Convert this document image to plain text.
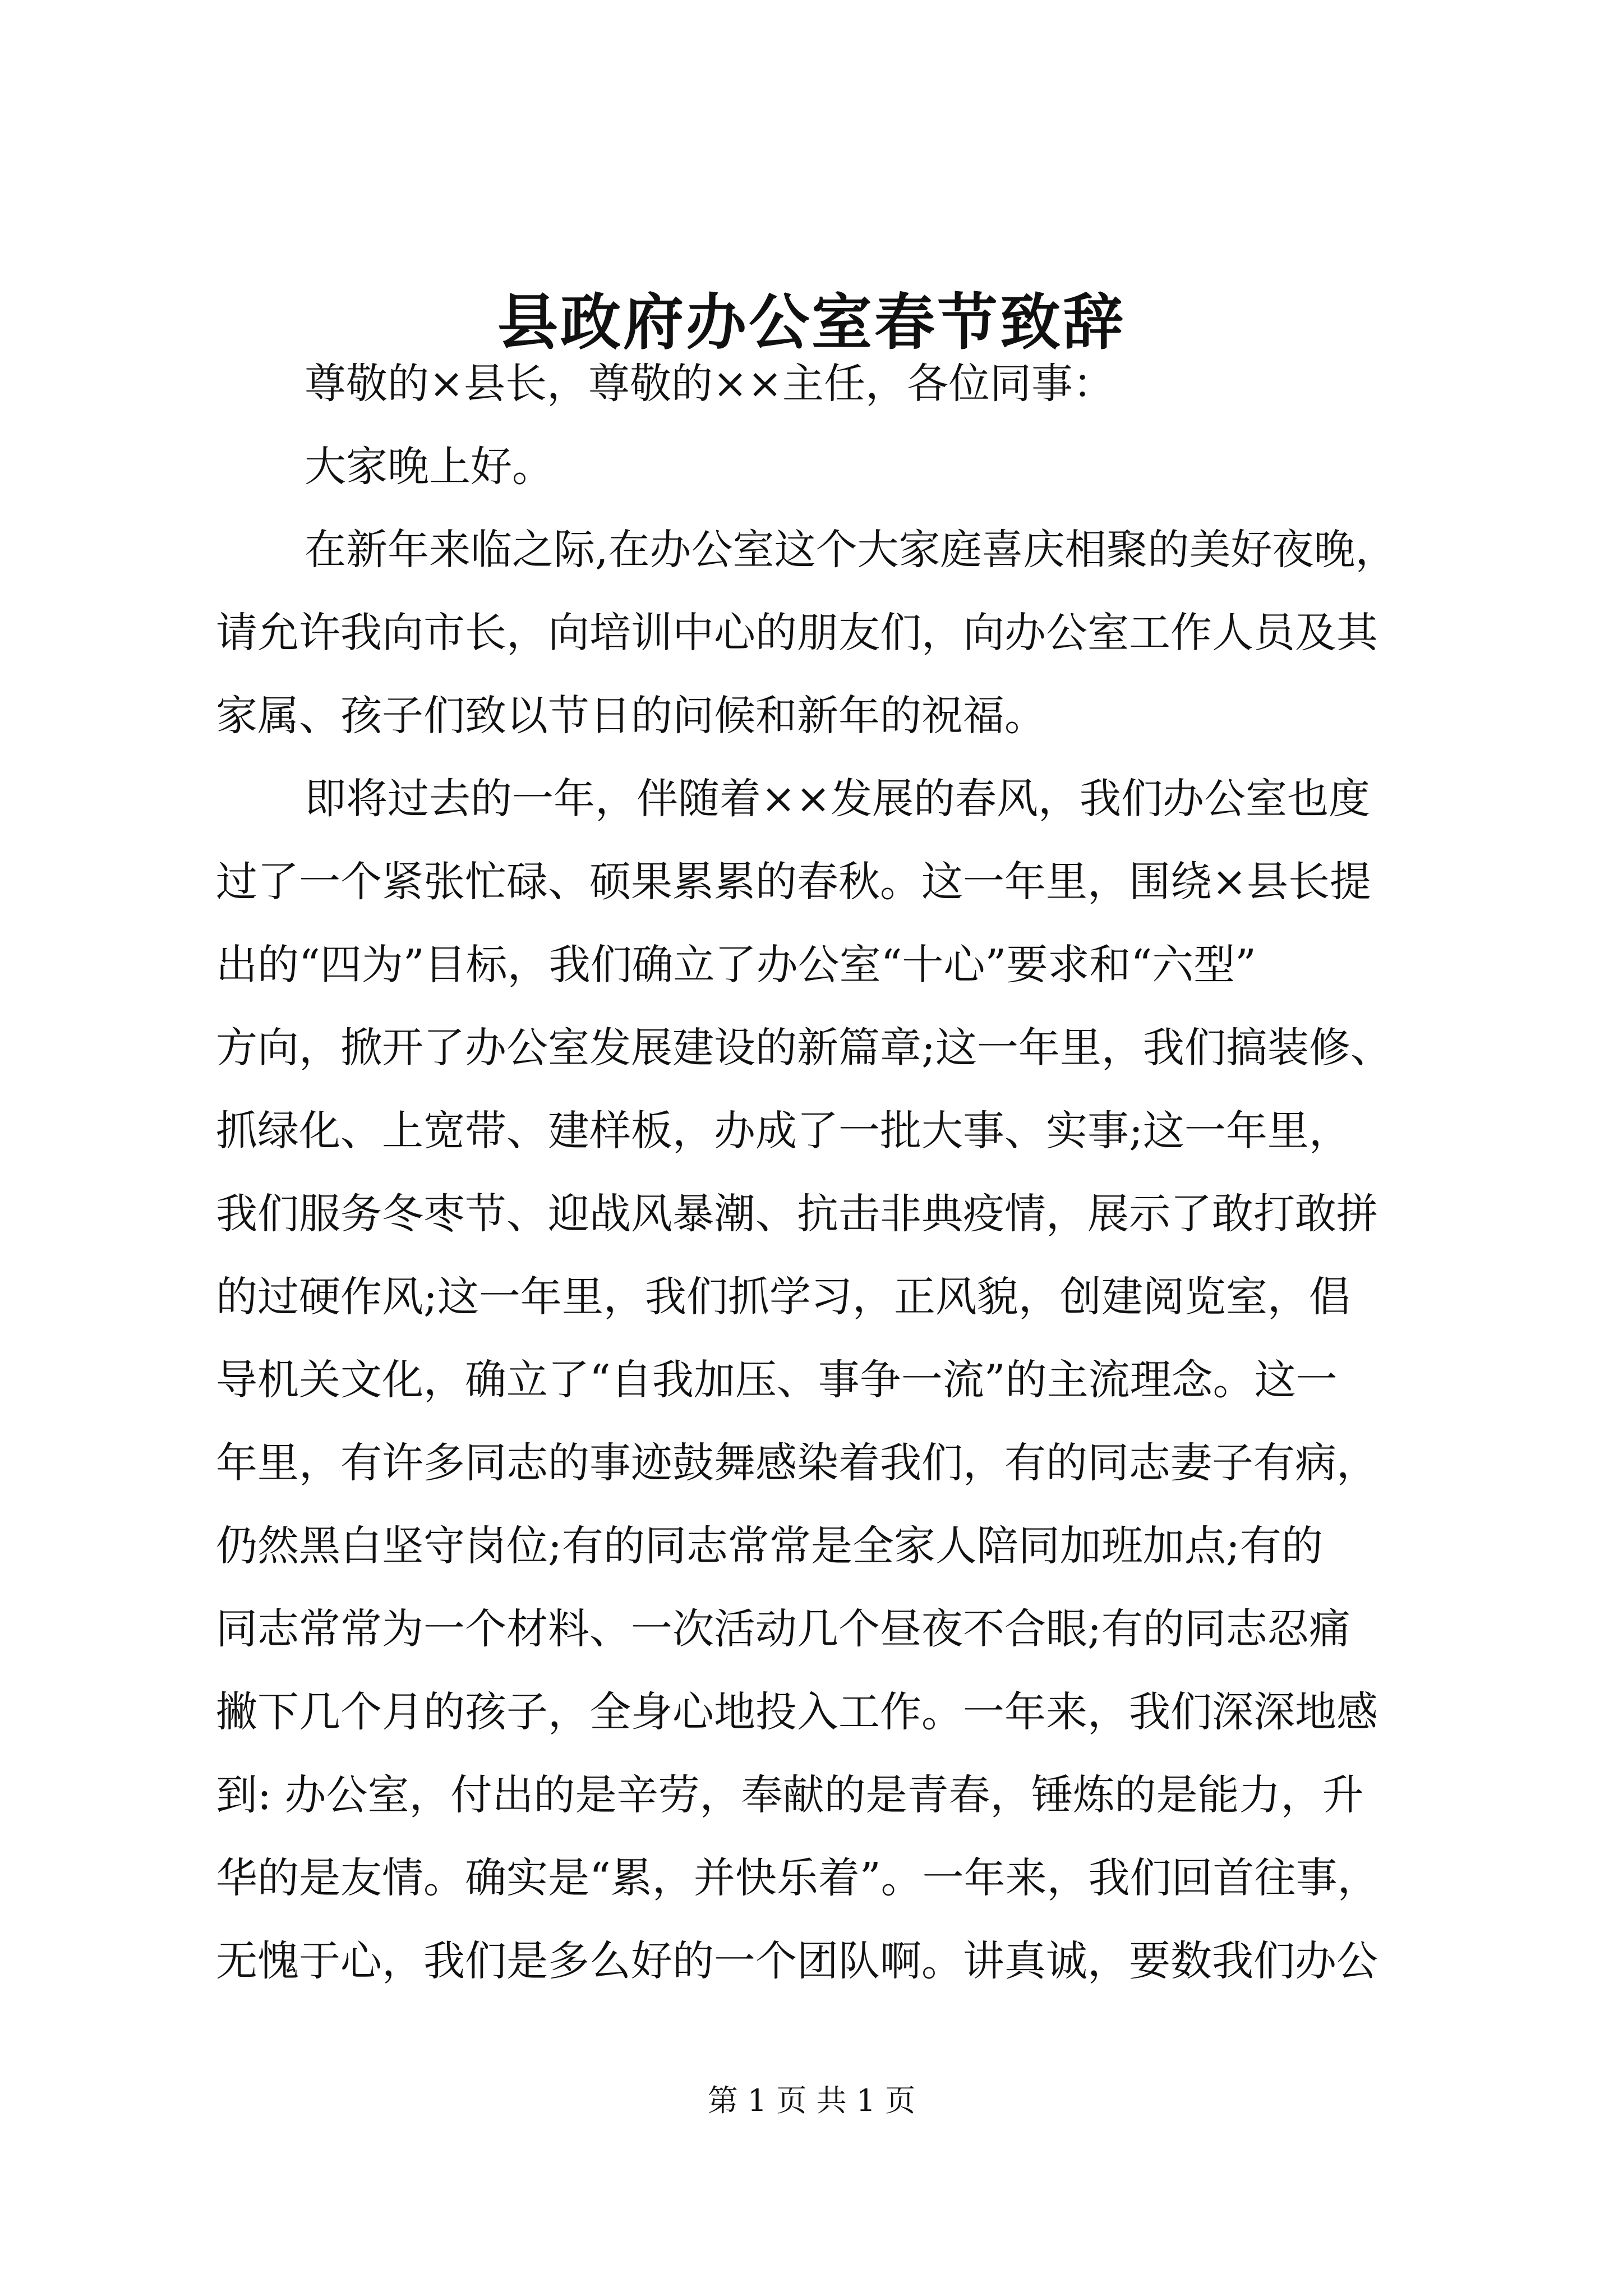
县政府办公室春节致辞
尊敬的×县长，尊敬的××主任，各位同事：
大家晚上好。
在新年来临之际,在办公室这个大家庭喜庆相聚的美好夜晚，
请允许我向市长，向培训中心的朋友们，向办公室工作人员及其
家属、孩子们致以节日的问候和新年的祝福。
即将过去的一年，伴随着××发展的春风，我们办公室也度
过了一个紧张忙碌、硕果累累的春秋。这一年里，围绕×县长提
出的“四为”目标，我们确立了办公室“十心”要求和“六型”
方向，掀开了办公室发展建设的新篇章;这一年里，我们搞装修、
抓绿化、上宽带、建样板，办成了一批大事、实事;这一年里，
我们服务冬枣节、迎战风暴潮、抗击非典疫情，展示了敢打敢拼
的过硬作风;这一年里，我们抓学习，正风貌，创建阅览室，倡
导机关文化，确立了“自我加压、事争一流”的主流理念。这一
年里，有许多同志的事迹鼓舞感染着我们，有的同志妻子有病，
仍然黑白坚守岗位;有的同志常常是全家人陪同加班加点;有的
同志常常为一个材料、一次活动几个昼夜不合眼;有的同志忍痛
撇下几个月的孩子，全身心地投入工作。一年来，我们深深地感
到: 办公室，付出的是辛劳，奉献的是青春，锤炼的是能力，升
华的是友情。确实是“累，并快乐着”。一年来，我们回首往事，
无愧于心，我们是多么好的一个团队啊。讲真诚，要数我们办公
第 1 页 共 1 页
